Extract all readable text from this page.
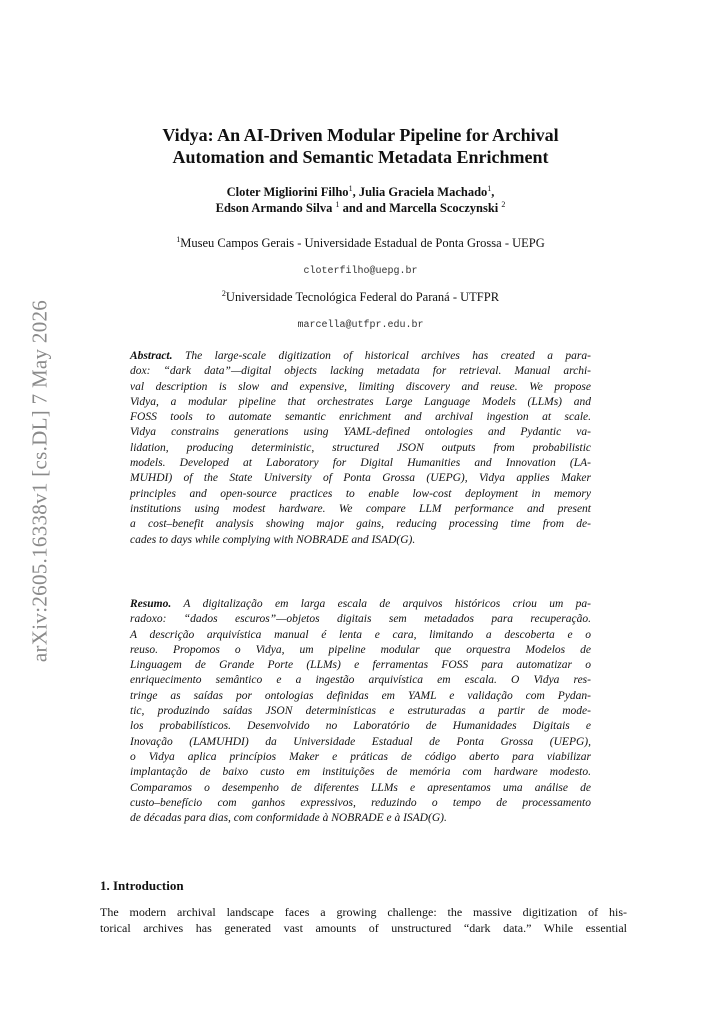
arXiv:2605.16338v1 [cs.DL] 7 May 2026
Vidya: An AI-Driven Modular Pipeline for Archival
Automation and Semantic Metadata Enrichment
Cloter Migliorini Filho$^1$, Julia Graciela Machado$^1$,
Edson Armando Silva $^1$ and and Marcella Scoczynski $^2$
$^1$Museu Campos Gerais - Universidade Estadual de Ponta Grossa - UEPG
cloterfilho@uepg.br
$^2$Universidade Tecnológica Federal do Paraná - UTFPR
marcella@utfpr.edu.br
Abstract. The large-scale digitization of historical archives has created a para-
dox: “dark data”—digital objects lacking metadata for retrieval. Manual archi-
val description is slow and expensive, limiting discovery and reuse. We propose
Vidya, a modular pipeline that orchestrates Large Language Models (LLMs) and
FOSS tools to automate semantic enrichment and archival ingestion at scale.
Vidya constrains generations using YAML-defined ontologies and Pydantic va-
lidation, producing deterministic, structured JSON outputs from probabilistic
models. Developed at Laboratory for Digital Humanities and Innovation (LA-
MUHDI) of the State University of Ponta Grossa (UEPG), Vidya applies Maker
principles and open-source practices to enable low-cost deployment in memory
institutions using modest hardware. We compare LLM performance and present
a cost–benefit analysis showing major gains, reducing processing time from de-
cades to days while complying with NOBRADE and ISAD(G).
Resumo. A digitalização em larga escala de arquivos históricos criou um pa-
radoxo: “dados escuros”—objetos digitais sem metadados para recuperação.
A descrição arquivística manual é lenta e cara, limitando a descoberta e o
reuso. Propomos o Vidya, um pipeline modular que orquestra Modelos de
Linguagem de Grande Porte (LLMs) e ferramentas FOSS para automatizar o
enriquecimento semântico e a ingestão arquivística em escala. O Vidya res-
tringe as saídas por ontologias definidas em YAML e validação com Pydan-
tic, produzindo saídas JSON determinísticas e estruturadas a partir de mode-
los probabilísticos. Desenvolvido no Laboratório de Humanidades Digitais e
Inovação (LAMUHDI) da Universidade Estadual de Ponta Grossa (UEPG),
o Vidya aplica princípios Maker e práticas de código aberto para viabilizar
implantação de baixo custo em instituições de memória com hardware modesto.
Comparamos o desempenho de diferentes LLMs e apresentamos uma análise de
custo–benefício com ganhos expressivos, reduzindo o tempo de processamento
de décadas para dias, com conformidade à NOBRADE e à ISAD(G).
1. Introduction
The modern archival landscape faces a growing challenge: the massive digitization of his-
torical archives has generated vast amounts of unstructured “dark data.” While essential
